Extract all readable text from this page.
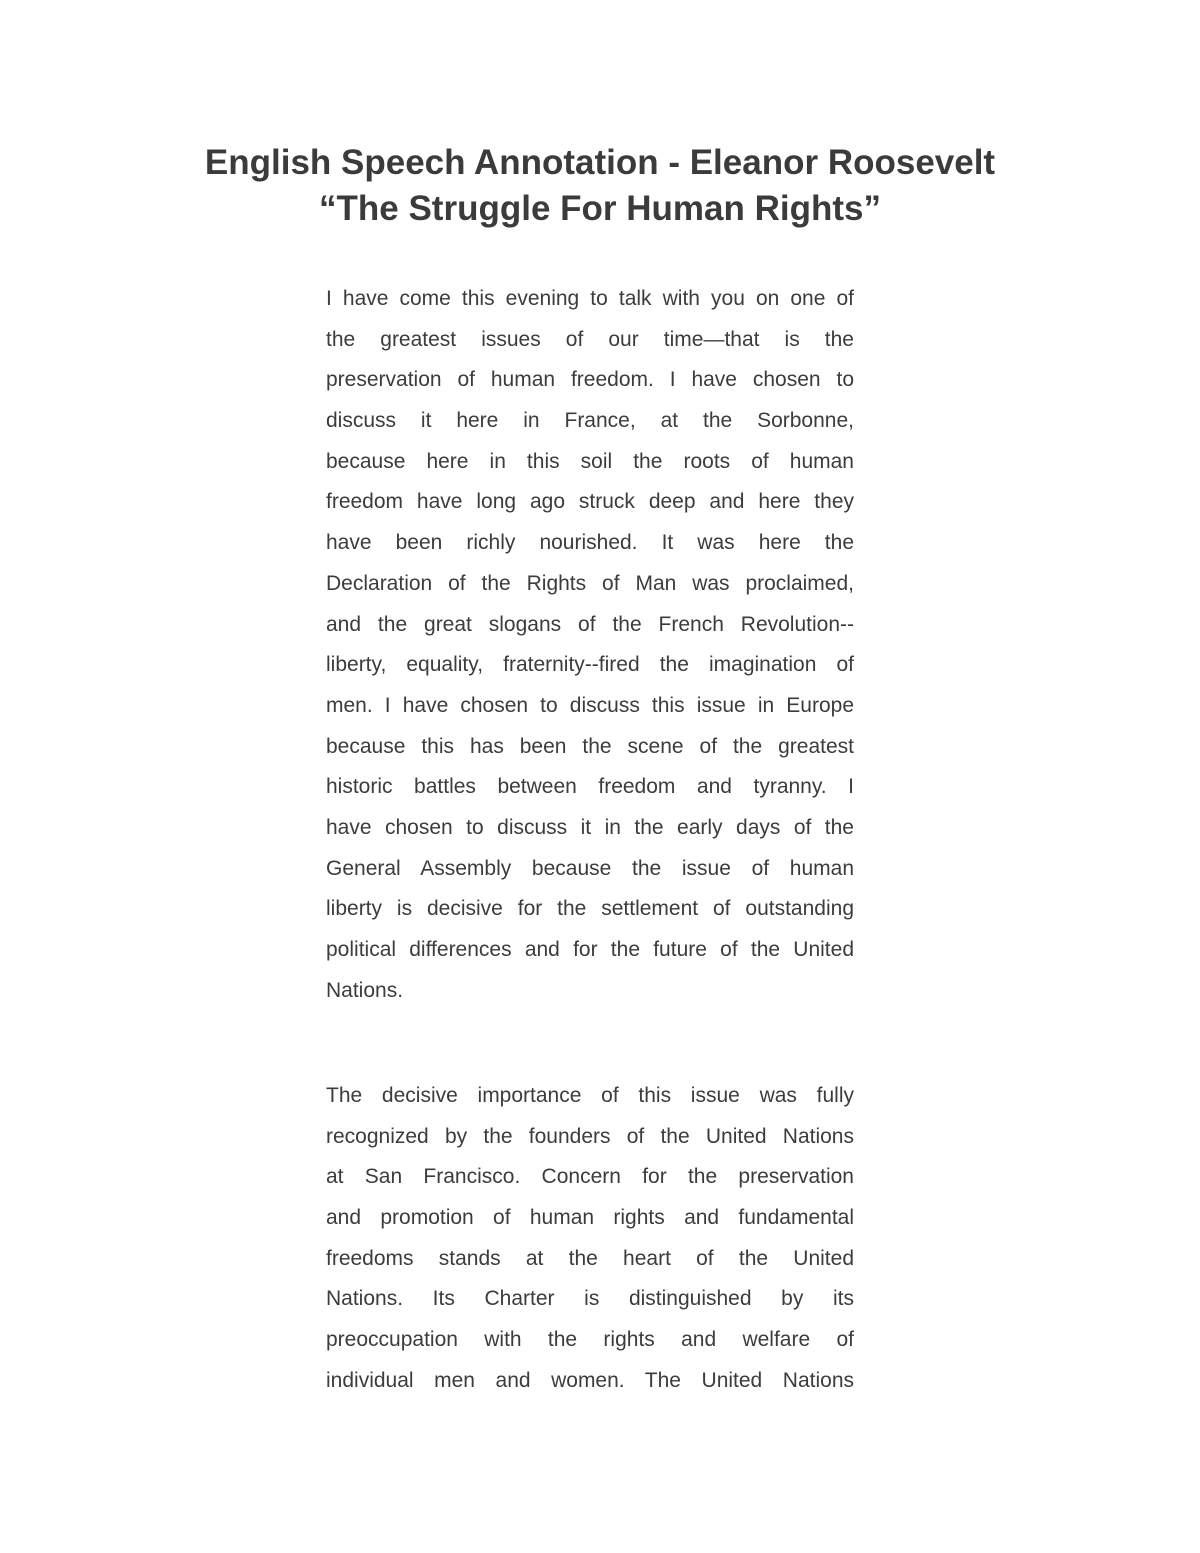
English Speech Annotation - Eleanor Roosevelt
“The Struggle For Human Rights”
I have come this evening to talk with you on one of
the greatest issues of our time—that is the
preservation of human freedom. I have chosen to
discuss it here in France, at the Sorbonne,
because here in this soil the roots of human
freedom have long ago struck deep and here they
have been richly nourished. It was here the
Declaration of the Rights of Man was proclaimed,
and the great slogans of the French Revolution--
liberty, equality, fraternity--fired the imagination of
men. I have chosen to discuss this issue in Europe
because this has been the scene of the greatest
historic battles between freedom and tyranny. I
have chosen to discuss it in the early days of the
General Assembly because the issue of human
liberty is decisive for the settlement of outstanding
political differences and for the future of the United
Nations.
The decisive importance of this issue was fully
recognized by the founders of the United Nations
at San Francisco. Concern for the preservation
and promotion of human rights and fundamental
freedoms stands at the heart of the United
Nations. Its Charter is distinguished by its
preoccupation with the rights and welfare of
individual men and women. The United Nations
